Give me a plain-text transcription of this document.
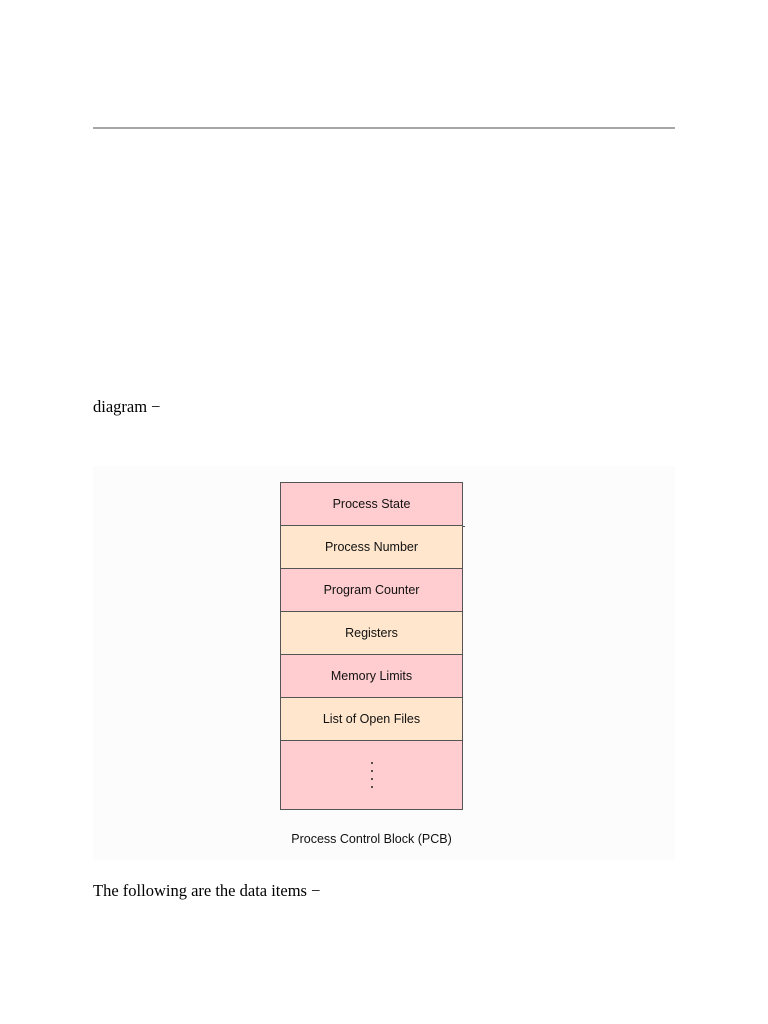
diagram −
Process State
Process Number
Program Counter
Registers
Memory Limits
List of Open Files
Process Control Block (PCB)
The following are the data items −
